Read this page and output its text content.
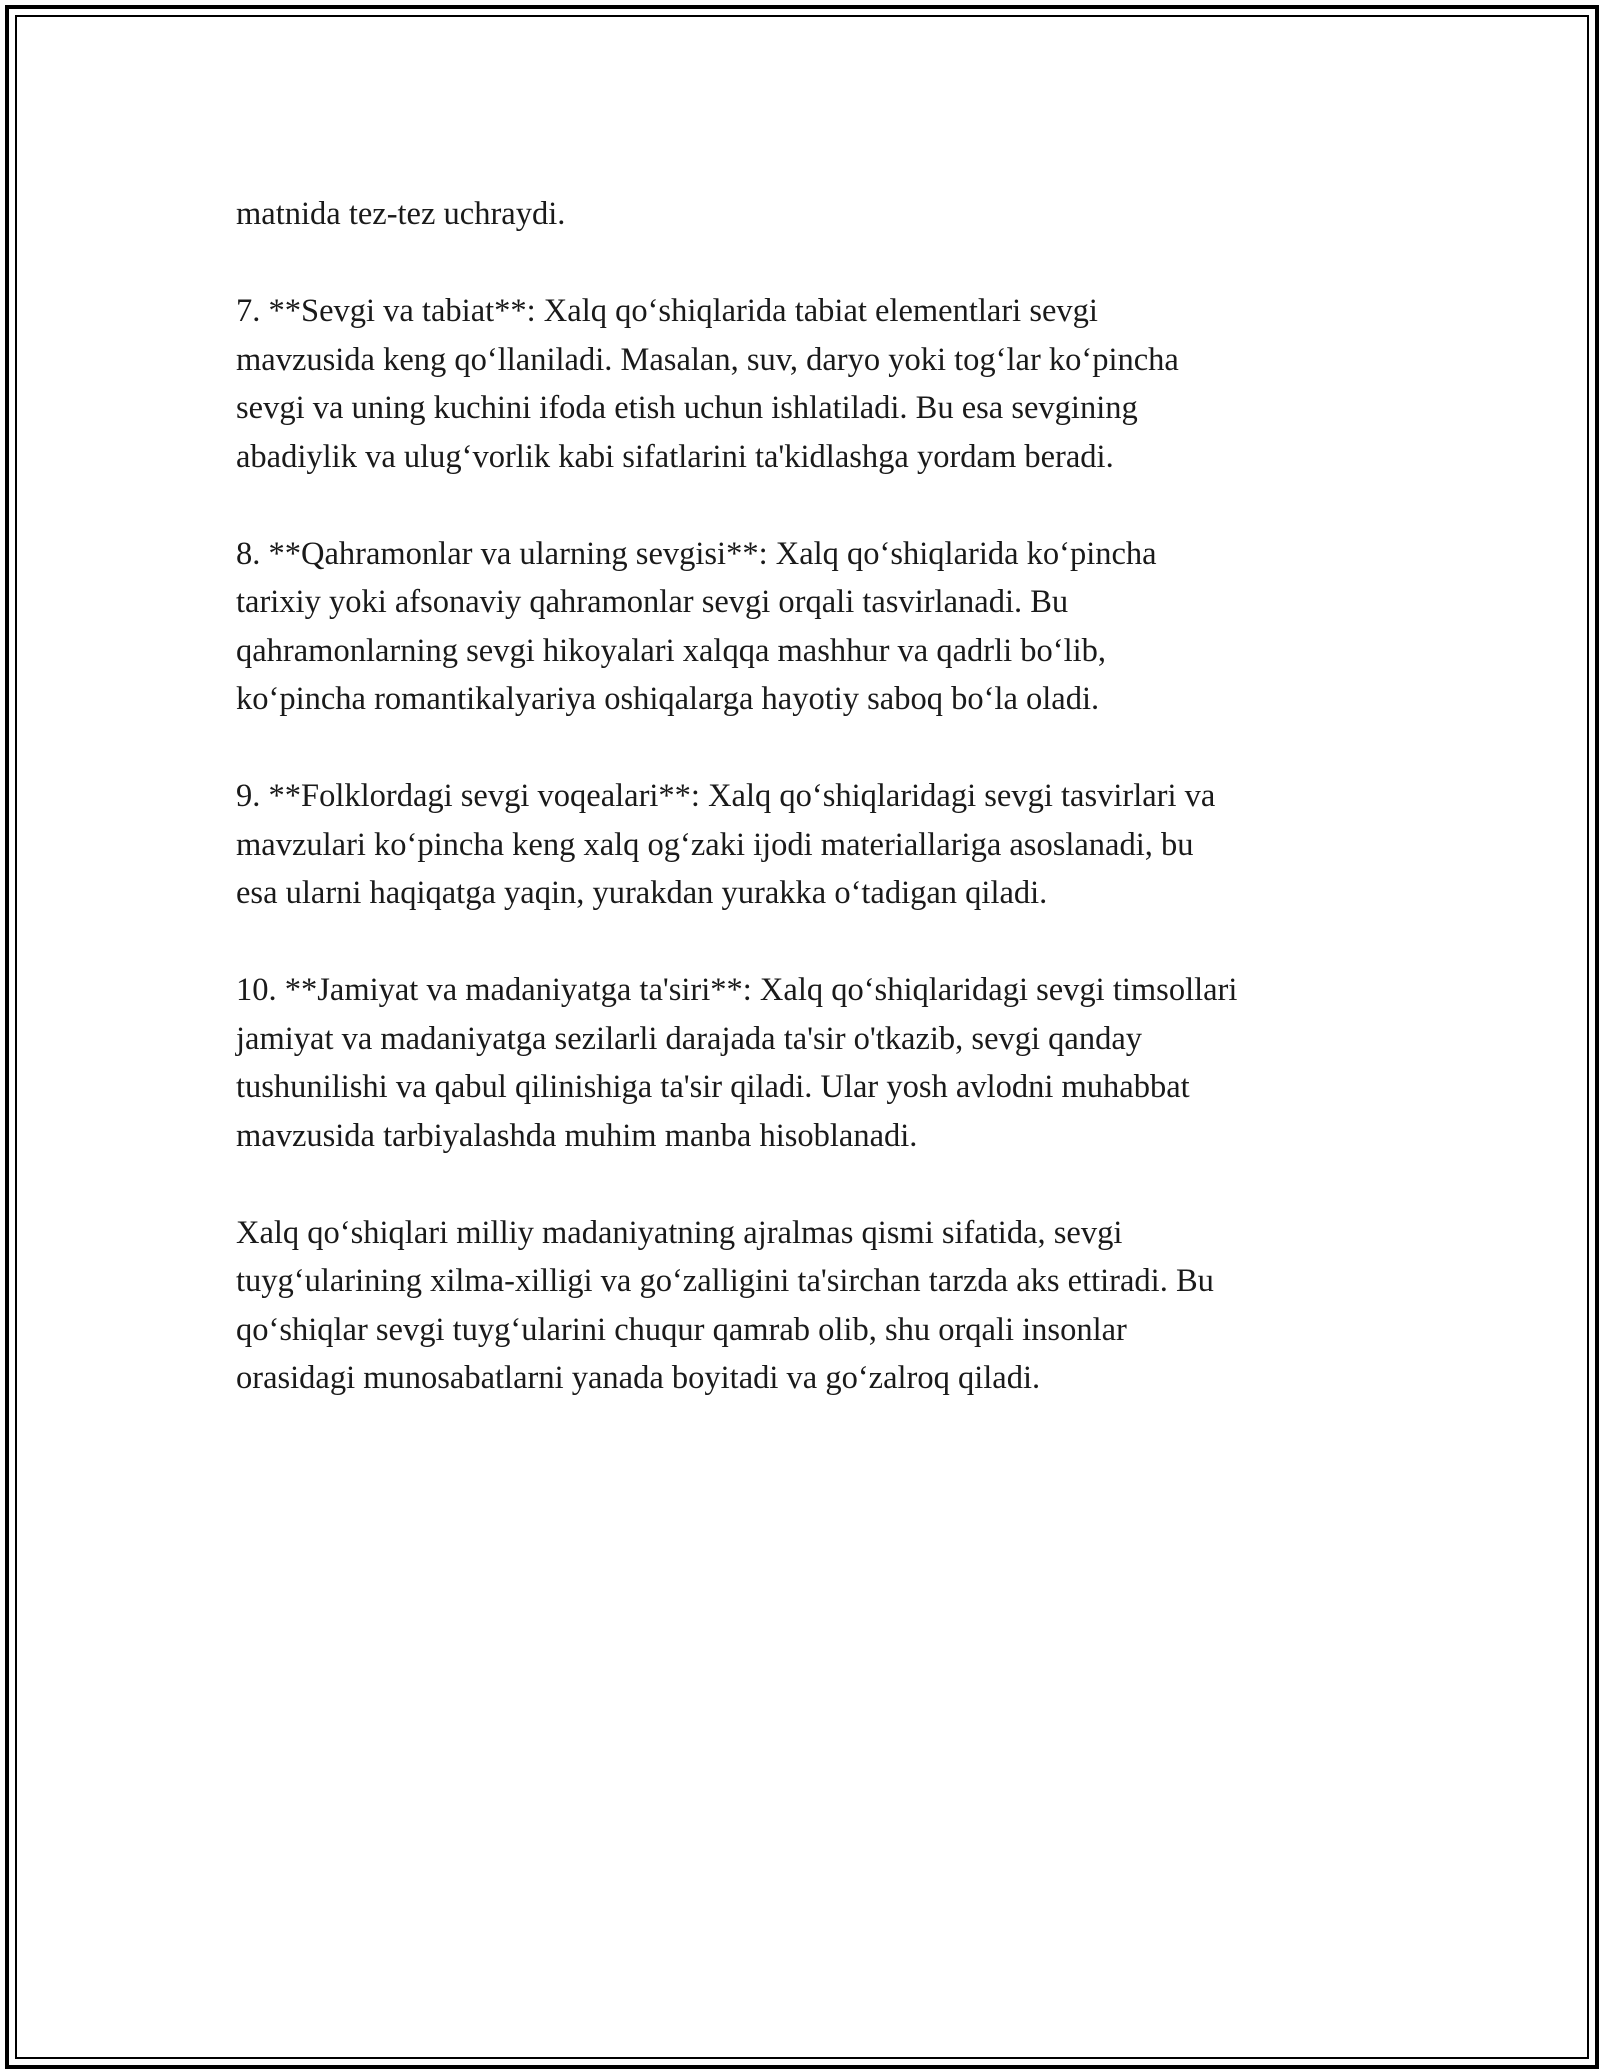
matnida tez-tez uchraydi.

7. **Sevgi va tabiat**: Xalq qo‘shiqlarida tabiat elementlari sevgi
mavzusida keng qo‘llaniladi. Masalan, suv, daryo yoki tog‘lar ko‘pincha
sevgi va uning kuchini ifoda etish uchun ishlatiladi. Bu esa sevgining
abadiylik va ulug‘vorlik kabi sifatlarini ta'kidlashga yordam beradi.

8. **Qahramonlar va ularning sevgisi**: Xalq qo‘shiqlarida ko‘pincha
tarixiy yoki afsonaviy qahramonlar sevgi orqali tasvirlanadi. Bu
qahramonlarning sevgi hikoyalari xalqqa mashhur va qadrli bo‘lib,
ko‘pincha romantikalyariya oshiqalarga hayotiy saboq bo‘la oladi.

9. **Folklordagi sevgi voqealari**: Xalq qo‘shiqlaridagi sevgi tasvirlari va
mavzulari ko‘pincha keng xalq og‘zaki ijodi materiallariga asoslanadi, bu
esa ularni haqiqatga yaqin, yurakdan yurakka o‘tadigan qiladi.

10. **Jamiyat va madaniyatga ta'siri**: Xalq qo‘shiqlaridagi sevgi timsollari
jamiyat va madaniyatga sezilarli darajada ta'sir o'tkazib, sevgi qanday
tushunilishi va qabul qilinishiga ta'sir qiladi. Ular yosh avlodni muhabbat
mavzusida tarbiyalashda muhim manba hisoblanadi.

Xalq qo‘shiqlari milliy madaniyatning ajralmas qismi sifatida, sevgi
tuyg‘ularining xilma-xilligi va go‘zalligini ta'sirchan tarzda aks ettiradi. Bu
qo‘shiqlar sevgi tuyg‘ularini chuqur qamrab olib, shu orqali insonlar
orasidagi munosabatlarni yanada boyitadi va go‘zalroq qiladi.
